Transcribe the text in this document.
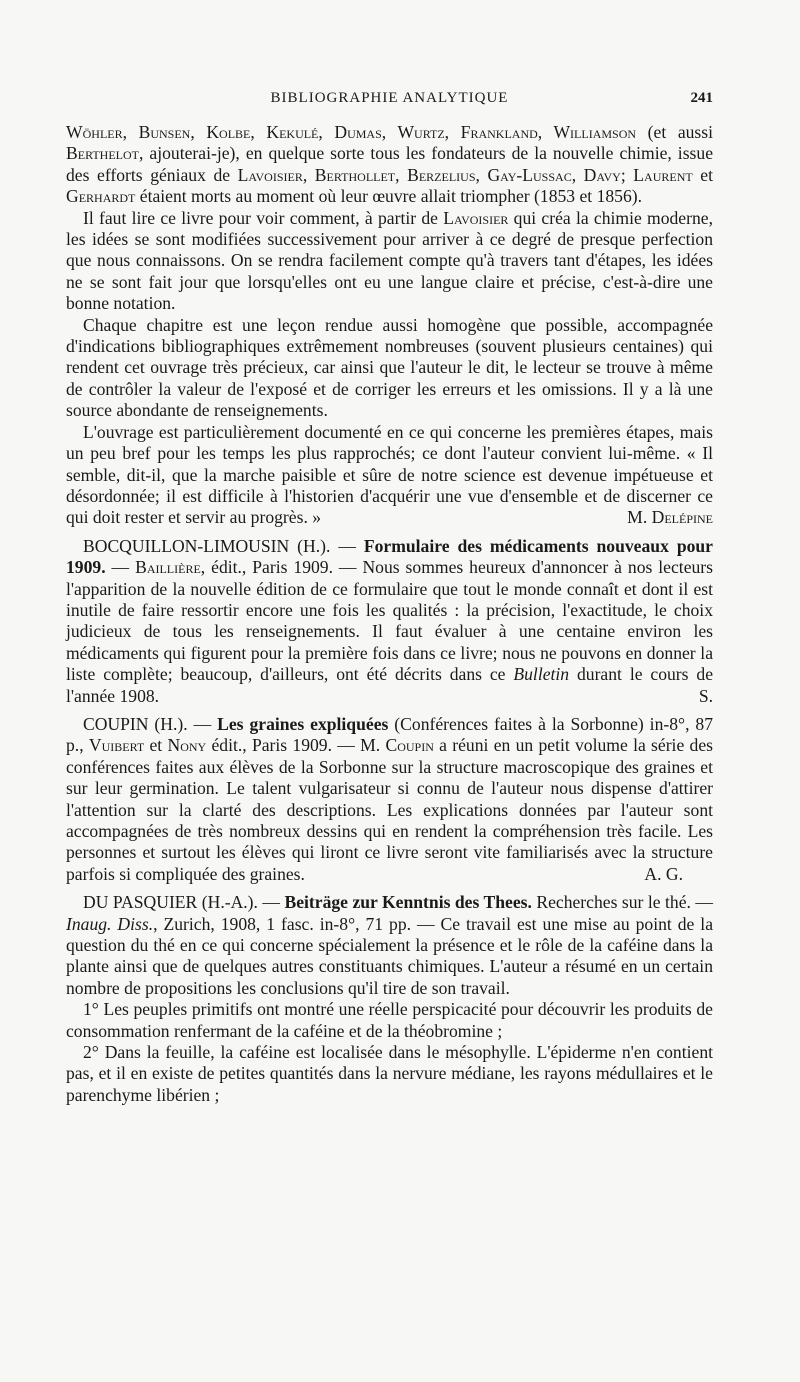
BIBLIOGRAPHIE ANALYTIQUE	241

Wöhler, Bunsen, Kolbe, Kekulé, Dumas, Wurtz, Frankland, Williamson (et aussi Berthelot, ajouterai-je), en quelque sorte tous les fondateurs de la nouvelle chimie, issue des efforts géniaux de Lavoisier, Berthollet, Berzelius, Gay-Lussac, Davy; Laurent et Gerhardt étaient morts au moment où leur œuvre allait triompher (1853 et 1856).

Il faut lire ce livre pour voir comment, à partir de Lavoisier qui créa la chimie moderne, les idées se sont modifiées successivement pour arriver à ce degré de presque perfection que nous connaissons. On se rendra facilement compte qu'à travers tant d'étapes, les idées ne se sont fait jour que lorsqu'elles ont eu une langue claire et précise, c'est-à-dire une bonne notation.

Chaque chapitre est une leçon rendue aussi homogène que possible, accompagnée d'indications bibliographiques extrêmement nombreuses (souvent plusieurs centaines) qui rendent cet ouvrage très précieux, car ainsi que l'auteur le dit, le lecteur se trouve à même de contrôler la valeur de l'exposé et de corriger les erreurs et les omissions. Il y a là une source abondante de renseignements.

L'ouvrage est particulièrement documenté en ce qui concerne les premières étapes, mais un peu bref pour les temps les plus rapprochés; ce dont l'auteur convient lui-même. « Il semble, dit-il, que la marche paisible et sûre de notre science est devenue impétueuse et désordonnée; il est difficile à l'historien d'acquérir une vue d'ensemble et de discerner ce qui doit rester et servir au progrès. »	M. Delépine

BOCQUILLON-LIMOUSIN (H.). — Formulaire des médicaments nouveaux pour 1909. — Baillière, édit., Paris 1909. — Nous sommes heureux d'annoncer à nos lecteurs l'apparition de la nouvelle édition de ce formulaire que tout le monde connaît et dont il est inutile de faire ressortir encore une fois les qualités : la précision, l'exactitude, le choix judicieux de tous les renseignements. Il faut évaluer à une centaine environ les médicaments qui figurent pour la première fois dans ce livre; nous ne pouvons en donner la liste complète; beaucoup, d'ailleurs, ont été décrits dans ce Bulletin durant le cours de l'année 1908.	S.

COUPIN (H.). — Les graines expliquées (Conférences faites à la Sorbonne) in-8°, 87 p., Vuibert et Nony édit., Paris 1909. — M. Coupin a réuni en un petit volume la série des conférences faites aux élèves de la Sorbonne sur la structure macroscopique des graines et sur leur germination. Le talent vulgarisateur si connu de l'auteur nous dispense d'attirer l'attention sur la clarté des descriptions. Les explications données par l'auteur sont accompagnées de très nombreux dessins qui en rendent la compréhension très facile. Les personnes et surtout les élèves qui liront ce livre seront vite familiarisés avec la structure parfois si compliquée des graines.	A. G.

DU PASQUIER (H.-A.). — Beiträge zur Kenntnis des Thees. Recherches sur le thé. — Inaug. Diss., Zurich, 1908, 1 fasc. in-8°, 71 pp. — Ce travail est une mise au point de la question du thé en ce qui concerne spécialement la présence et le rôle de la caféine dans la plante ainsi que de quelques autres constituants chimiques. L'auteur a résumé en un certain nombre de propositions les conclusions qu'il tire de son travail.

1° Les peuples primitifs ont montré une réelle perspicacité pour découvrir les produits de consommation renfermant de la caféine et de la théobromine ;

2° Dans la feuille, la caféine est localisée dans le mésophylle. L'épiderme n'en contient pas, et il en existe de petites quantités dans la nervure médiane, les rayons médullaires et le parenchyme libérien ;
